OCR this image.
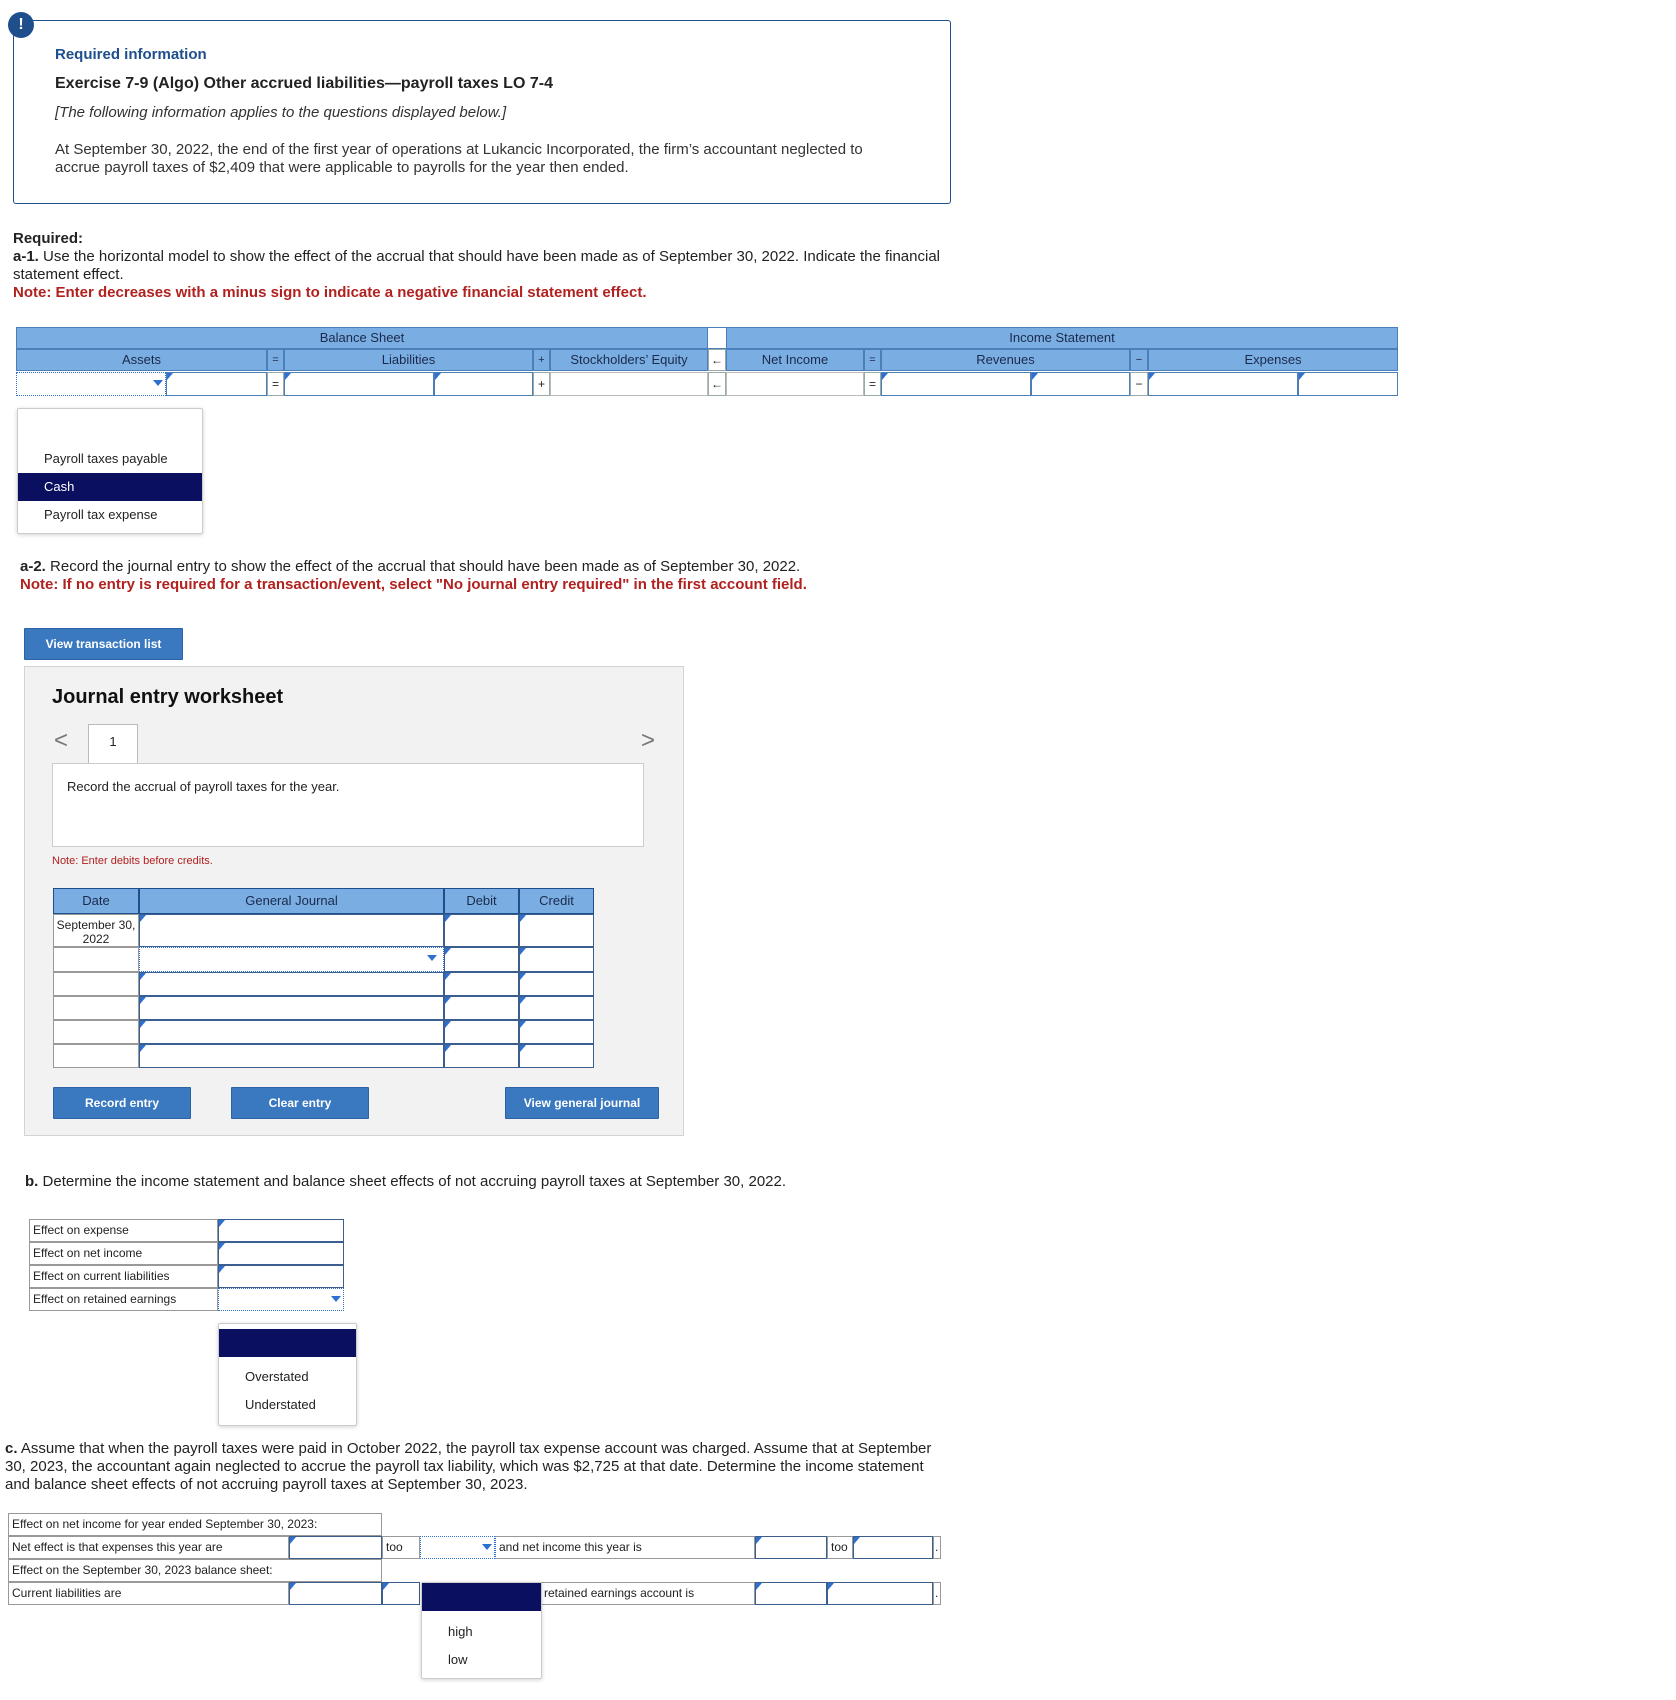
!
Required information
Exercise 7-9 (Algo) Other accrued liabilities—payroll taxes LO 7-4
[The following information applies to the questions displayed below.]
At September 30, 2022, the end of the first year of operations at Lukancic Incorporated, the firm’s accountant neglected to accrue payroll taxes of $2,409 that were applicable to payrolls for the year then ended.
Required:
a-1. Use the horizontal model to show the effect of the accrual that should have been made as of September 30, 2022. Indicate the financial statement effect.
Note: Enter decreases with a minus sign to indicate a negative financial statement effect.
Balance Sheet	Income Statement
Assets	=	Liabilities	+	Stockholders’ Equity	←	Net Income	=	Revenues	−	Expenses
=	+	←	=	−
Payroll taxes payable
Cash
Payroll tax expense
a-2. Record the journal entry to show the effect of the accrual that should have been made as of September 30, 2022.
Note: If no entry is required for a transaction/event, select "No journal entry required" in the first account field.
View transaction list
Journal entry worksheet
<	1	>
Record the accrual of payroll taxes for the year.
Note: Enter debits before credits.
Date	General Journal	Debit	Credit
September 30, 2022
Record entry	Clear entry	View general journal
b. Determine the income statement and balance sheet effects of not accruing payroll taxes at September 30, 2022.
Effect on expense
Effect on net income
Effect on current liabilities
Effect on retained earnings
Overstated
Understated
c. Assume that when the payroll taxes were paid in October 2022, the payroll tax expense account was charged. Assume that at September 30, 2023, the accountant again neglected to accrue the payroll tax liability, which was $2,725 at that date. Determine the income statement and balance sheet effects of not accruing payroll taxes at September 30, 2023.
Effect on net income for year ended September 30, 2023:
Net effect is that expenses this year are	too	and net income this year is	too	.
Effect on the September 30, 2023 balance sheet:
Current liabilities are	retained earnings account is	.
high
low
